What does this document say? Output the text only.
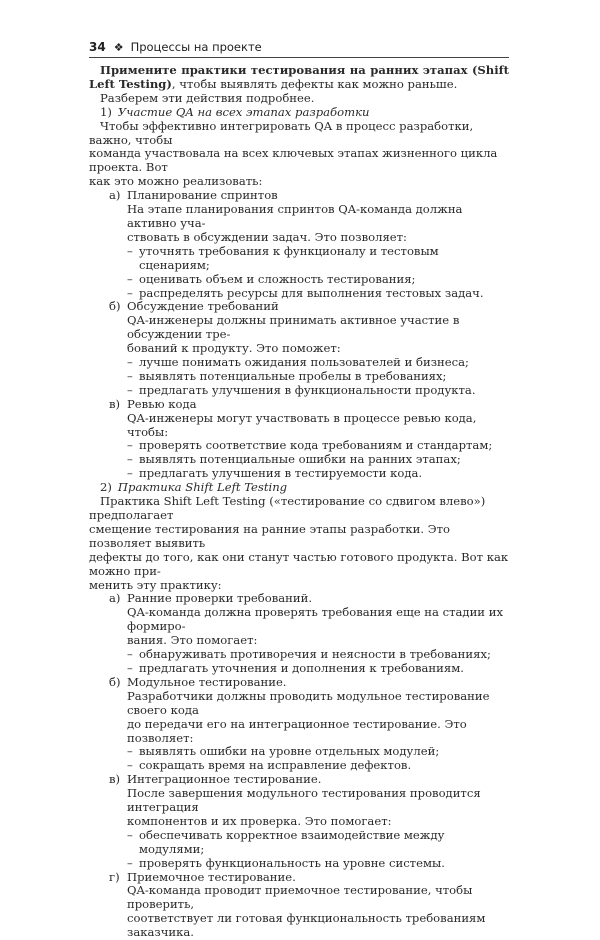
34 ❖ Процессы на проекте

Примените практики тестирования на ранних этапах (Shift Left Testing), чтобы выявлять дефекты как можно раньше.

Разберем эти действия подробнее.

1) Участие QA на всех этапах разработки

Чтобы эффективно интегрировать QA в процесс разработки, важно, чтобы

команда участвовала на всех ключевых этапах жизненного цикла проекта. Вот

как это можно реализовать:

а) Планирование спринтов

На этапе планирования спринтов QA-команда должна активно уча-

ствовать в обсуждении задач. Это позволяет:

– уточнять требования к функционалу и тестовым сценариям;
– оценивать объем и сложность тестирования;
– распределять ресурсы для выполнения тестовых задач.
б) Обсуждение требований

QA-инженеры должны принимать активное участие в обсуждении тре-

бований к продукту. Это поможет:

– лучше понимать ожидания пользователей и бизнеса;
– выявлять потенциальные пробелы в требованиях;
– предлагать улучшения в функциональности продукта.
в) Ревью кода

QA-инженеры могут участвовать в процессе ревью кода, чтобы:

– проверять соответствие кода требованиям и стандартам;
– выявлять потенциальные ошибки на ранних этапах;
– предлагать улучшения в тестируемости кода.

2) Практика Shift Left Testing

Практика Shift Left Testing («тестирование со сдвигом влево») предполагает

смещение тестирования на ранние этапы разработки. Это позволяет выявить

дефекты до того, как они станут частью готового продукта. Вот как можно при-

менить эту практику:

а) Ранние проверки требований.

QA-команда должна проверять требования еще на стадии их формиро-

вания. Это помогает:

– обнаруживать противоречия и неясности в требованиях;
– предлагать уточнения и дополнения к требованиям.
б) Модульное тестирование.

Разработчики должны проводить модульное тестирование своего кода

до передачи его на интеграционное тестирование. Это позволяет:

– выявлять ошибки на уровне отдельных модулей;
– сокращать время на исправление дефектов.
в) Интеграционное тестирование.

После завершения модульного тестирования проводится интеграция

компонентов и их проверка. Это помогает:

– обеспечивать корректное взаимодействие между модулями;
– проверять функциональность на уровне системы.
г) Приемочное тестирование.

QA-команда проводит приемочное тестирование, чтобы проверить,

соответствует ли готовая функциональность требованиям заказчика.
